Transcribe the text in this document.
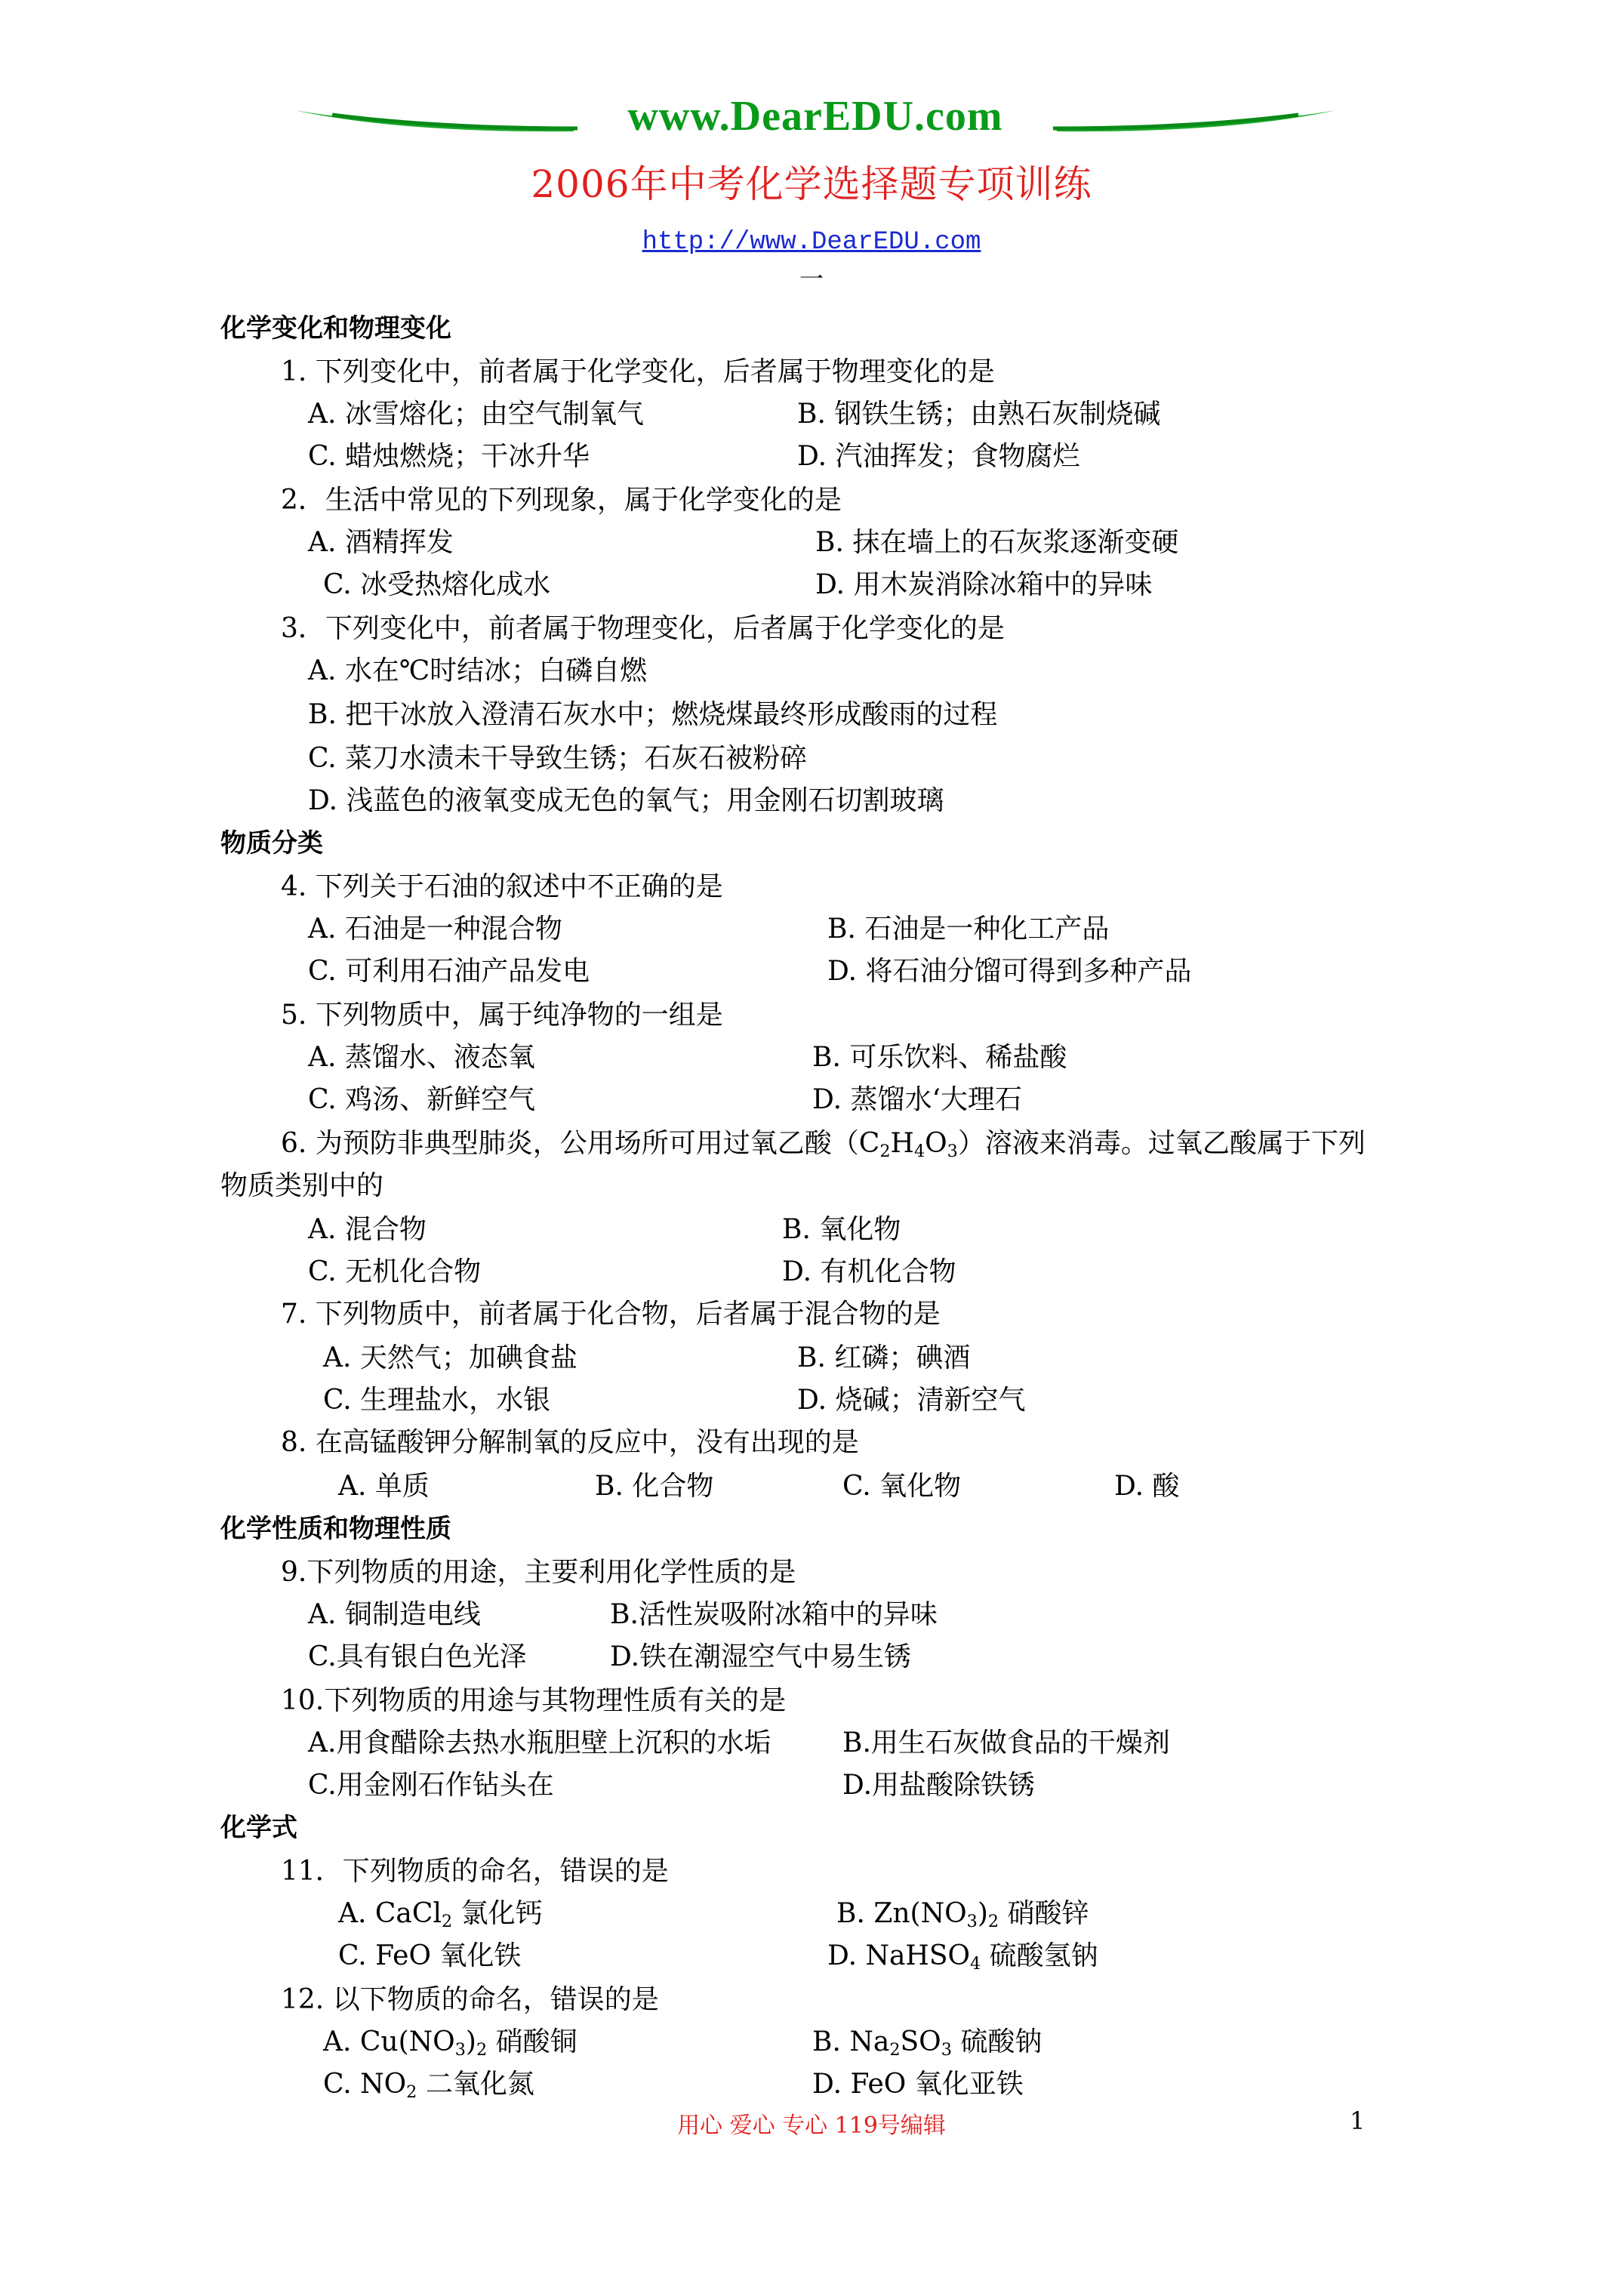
www.DearEDU.com
2006年中考化学选择题专项训练
http://www.DearEDU.com
一
化学变化和物理变化
1. 下列变化中，前者属于化学变化，后者属于物理变化的是
A. 冰雪熔化；由空气制氧气	B. 钢铁生锈；由熟石灰制烧碱
C. 蜡烛燃烧；干冰升华	D. 汽油挥发；食物腐烂
2．生活中常见的下列现象，属于化学变化的是
A. 酒精挥发	B. 抹在墙上的石灰浆逐渐变硬
C. 冰受热熔化成水	D. 用木炭消除冰箱中的异味
3．下列变化中，前者属于物理变化，后者属于化学变化的是
A. 水在℃时结冰；白磷自燃
B. 把干冰放入澄清石灰水中；燃烧煤最终形成酸雨的过程
C. 菜刀水渍未干导致生锈；石灰石被粉碎
D. 浅蓝色的液氧变成无色的氧气；用金刚石切割玻璃
物质分类
4. 下列关于石油的叙述中不正确的是
A. 石油是一种混合物	B. 石油是一种化工产品
C. 可利用石油产品发电	D. 将石油分馏可得到多种产品
5. 下列物质中，属于纯净物的一组是
A. 蒸馏水、液态氧	B. 可乐饮料、稀盐酸
C. 鸡汤、新鲜空气	D. 蒸馏水‘大理石
6. 为预防非典型肺炎，公用场所可用过氧乙酸$(C_2H_4O_3)$溶液来消毒。过氧乙酸属于下列
物质类别中的
A. 混合物	B. 氧化物
C. 无机化合物	D. 有机化合物
7. 下列物质中，前者属于化合物，后者属于混合物的是
A. 天然气；加碘食盐	B. 红磷；碘酒
C. 生理盐水，水银	D. 烧碱；清新空气
8. 在高锰酸钾分解制氧的反应中，没有出现的是
A. 单质	B. 化合物	C. 氧化物	D. 酸
化学性质和物理性质
9.下列物质的用途，主要利用化学性质的是
A. 铜制造电线	B.活性炭吸附冰箱中的异味
C.具有银白色光泽	D.铁在潮湿空气中易生锈
10.下列物质的用途与其物理性质有关的是
A.用食醋除去热水瓶胆壁上沉积的水垢	B.用生石灰做食品的干燥剂
C.用金刚石作钻头在	D.用盐酸除铁锈
化学式
11．下列物质的命名，错误的是
A. CaCl$_2$ 氯化钙	B. $Zn(NO_3)_2$ 硝酸锌
C. FeO 氧化铁	D. NaHSO$_4$ 硫酸氢钠
12. 以下物质的命名，错误的是
A. $Cu(NO_3)_2$ 硝酸铜	B. $Na_2SO_3$ 硫酸钠
C. $NO_2$ 二氧化氮	D. FeO 氧化亚铁
用心 爱心 专心 119号编辑	1
